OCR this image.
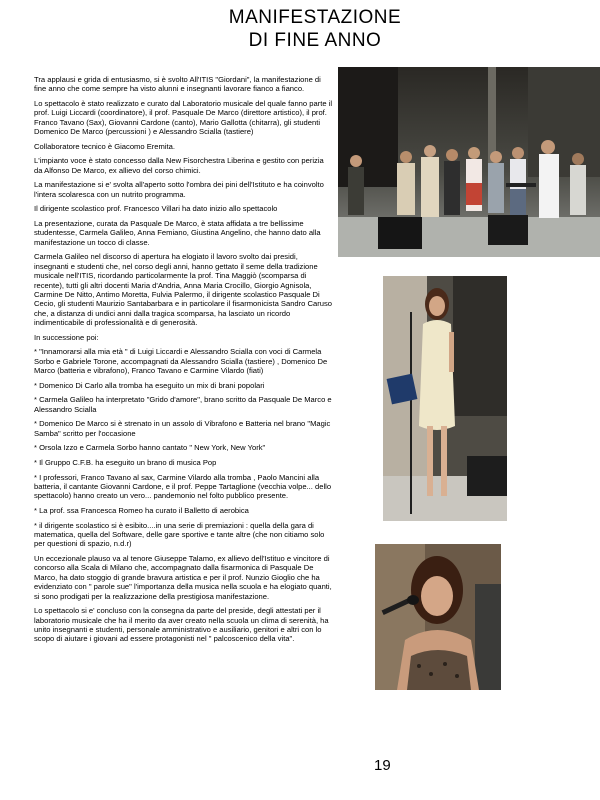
MANIFESTAZIONE
DI FINE ANNO

Tra applausi e grida di entusiasmo, si è svolto All'ITIS "Giordani", la manifestazione di fine anno che come sempre ha visto alunni e insegnanti lavorare fianco a fianco.

Lo spettacolo è stato realizzato e curato dal Laboratorio musicale del quale fanno parte il prof. Luigi Liccardi (coordinatore), il prof. Pasquale De Marco (direttore artistico), il prof. Franco Tavano (Sax), Giovanni Cardone (canto), Mario Gallotta (chitarra), gli studenti Domenico De Marco (percussioni ) e Alessandro Scialla (tastiere)

Collaboratore tecnico è Giacomo Eremita.

L'impianto voce è stato concesso dalla New Fisorchestra Liberina e gestito con perizia da Alfonso De Marco, ex allievo del corso chimici.

La manifestazione si e' svolta all'aperto sotto l'ombra dei pini dell'Istituto e ha coinvolto l'intera scolaresca con un nutrito programma.

Il dirigente scolastico prof. Francesco Villari ha dato inizio allo spettacolo

La presentazione, curata da Pasquale De Marco, è stata affidata a tre bellissime studentesse, Carmela Galileo, Anna Femiano, Giustina Angelino, che hanno dato alla manifestazione un tocco di classe.

Carmela Galileo nel discorso di apertura ha elogiato il lavoro svolto dai presidi, insegnanti e studenti che, nel corso degli anni, hanno gettato il seme della tradizione musicale nell'ITIS, ricordando particolarmente la prof. Tina Maggiò (scomparsa di recente), tutti gli altri docenti Maria d'Andria, Anna Maria Crocillo, Giorgio Agnisola, Carmine De Nitto, Antimo Moretta, Fulvia Palermo, il dirigente scolastico Pasquale Di Cecio, gli studenti Maurizio Santabarbara e in particolare il fisarmonicista Sandro Caruso che, a distanza di undici anni dalla tragica scomparsa, ha lasciato un ricordo indimenticabile di professionalità e di generosità.

In successione poi:

* "Innamorarsi alla mia età " di Luigi Liccardi e Alessandro Scialla con voci di Carmela Sorbo e Gabriele Torone, accompagnati da Alessandro Scialla (tastiere) , Domenico De Marco (batteria e vibrafono), Franco Tavano e Carmine Vilardo (fiati)

* Domenico Di Carlo alla tromba ha eseguito un mix di brani popolari

* Carmela Galileo ha interpretato "Grido d'amore", brano scritto da Pasquale De Marco e Alessandro Scialla

* Domenico De Marco si è strenato in un assolo di Vibrafono e Batteria nel brano "Magic Samba" scritto per l'occasione

* Orsola Izzo e Carmela Sorbo hanno cantato " New York, New York"

* Il Gruppo C.F.B. ha eseguito un brano di musica Pop

* I professori, Franco Tavano al sax, Carmine Vilardo alla tromba , Paolo Mancini alla batteria, il cantante Giovanni Cardone, e il prof. Peppe Tartaglione (vecchia volpe... dello spettacolo) hanno creato un vero... pandemonio nel folto pubblico presente.

* La prof. ssa Francesca Romeo ha curato il Balletto di aerobica

* il dirigente scolastico si è esibito....in una serie di premiazioni : quella della gara di matematica, quella del Software, delle gare sportive e tante altre (che non citiamo solo per questioni di spazio, n.d.r)

Un eccezionale plauso va al tenore Giuseppe Talamo, ex allievo dell'Istituo e vincitore di concorso alla Scala di Milano che, accompagnato dalla fisarmonica di Pasquale De Marco, ha dato stoggio di grande bravura artistica e per il prof. Nunzio Gioglio che ha evidenziato con " parole sue" l'importanza della musica nella scuola e ha elogiato quanti, si sono prodigati per la realizzazione della prestigiosa manifestazione.

Lo spettacolo si e' concluso con la consegna da parte del preside, degli attestati per il laboratorio musicale che ha il merito da aver creato nella scuola un clima di serenità, ha unito insegnanti e studenti, personale amministrativo e ausiliario, genitori e altri con lo scopo di aiutare i giovani ad essere protagonisti nel " palcoscenico della vita".

19
